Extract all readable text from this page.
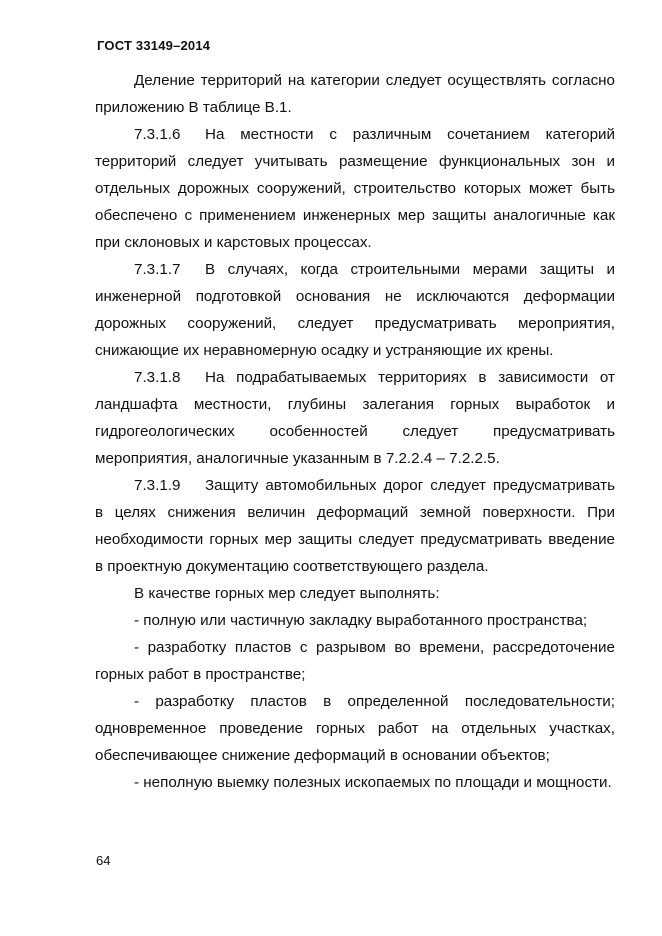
ГОСТ 33149–2014

Деление территорий на категории следует осуществлять согласно приложению В таблице В.1.

7.3.1.6 На местности с различным сочетанием категорий территорий следует учитывать размещение функциональных зон и отдельных дорожных сооружений, строительство которых может быть обеспечено с применением инженерных мер защиты аналогичные как при склоновых и карстовых процессах.

7.3.1.7 В случаях, когда строительными мерами защиты и инженерной подготовкой основания не исключаются деформации дорожных сооружений, следует предусматривать мероприятия, снижающие их неравномерную осадку и устраняющие их крены.

7.3.1.8 На подрабатываемых территориях в зависимости от ландшафта местности, глубины залегания горных выработок и гидрогеологических особенностей следует предусматривать мероприятия, аналогичные указанным в 7.2.2.4 – 7.2.2.5.

7.3.1.9 Защиту автомобильных дорог следует предусматривать в целях снижения величин деформаций земной поверхности. При необходимости горных мер защиты следует предусматривать введение в проектную документацию соответствующего раздела.

В качестве горных мер следует выполнять:

- полную или частичную закладку выработанного пространства;

- разработку пластов с разрывом во времени, рассредоточение горных работ в пространстве;

- разработку пластов в определенной последовательности; одновременное проведение горных работ на отдельных участках, обеспечивающее снижение деформаций в основании объектов;

- неполную выемку полезных ископаемых по площади и мощности.

64
